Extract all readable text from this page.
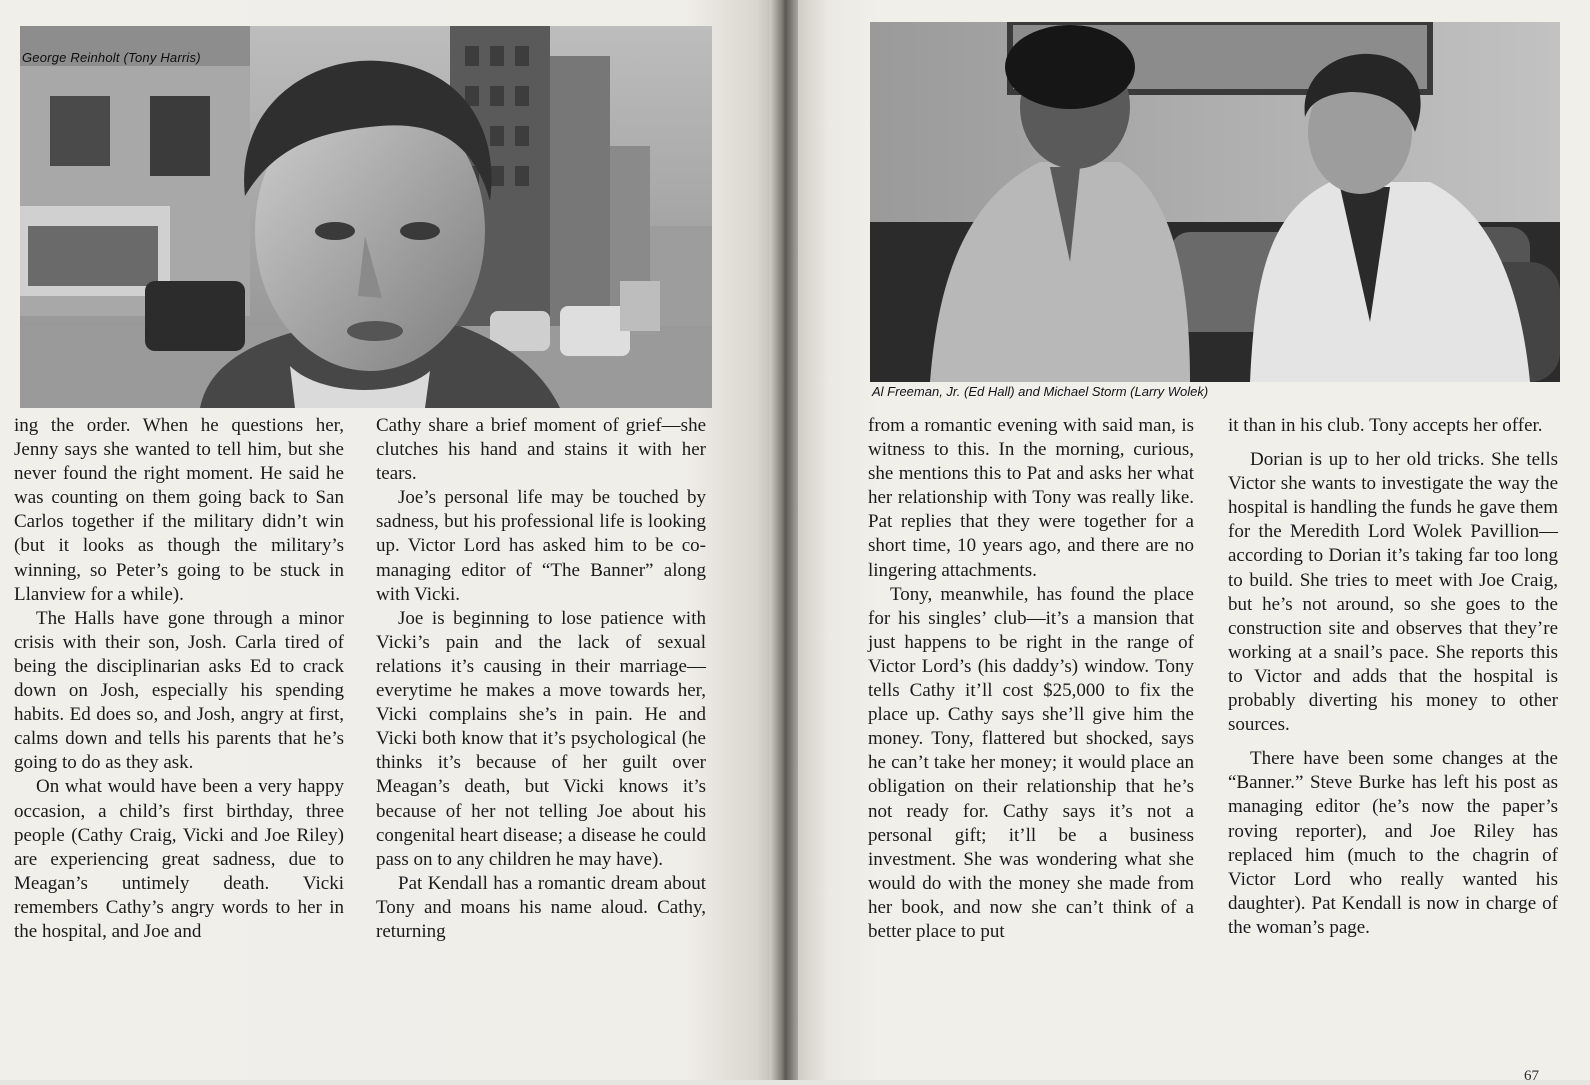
George Reinholt (Tony Harris)
Al Freeman, Jr. (Ed Hall) and Michael Storm (Larry Wolek)

ing the order. When he questions her, Jenny says she wanted to tell him, but she never found the right moment. He said he was counting on them going back to San Carlos together if the military didn’t win (but it looks as though the military’s winning, so Peter’s going to be stuck in Llanview for a while).

The Halls have gone through a minor crisis with their son, Josh. Carla tired of being the disciplinarian asks Ed to crack down on Josh, especially his spending habits. Ed does so, and Josh, angry at first, calms down and tells his parents that he’s going to do as they ask.

On what would have been a very happy occasion, a child’s first birthday, three people (Cathy Craig, Vicki and Joe Riley) are experiencing great sadness, due to Meagan’s untimely death. Vicki remembers Cathy’s angry words to her in the hospital, and Joe and

Cathy share a brief moment of grief—she clutches his hand and stains it with her tears.

Joe’s personal life may be touched by sadness, but his professional life is looking up. Victor Lord has asked him to be co-managing editor of “The Banner” along with Vicki.

Joe is beginning to lose patience with Vicki’s pain and the lack of sexual relations it’s causing in their marriage—everytime he makes a move towards her, Vicki complains she’s in pain. He and Vicki both know that it’s psychological (he thinks it’s because of her guilt over Meagan’s death, but Vicki knows it’s because of her not telling Joe about his congenital heart disease; a disease he could pass on to any children he may have).

Pat Kendall has a romantic dream about Tony and moans his name aloud. Cathy, returning

from a romantic evening with said man, is witness to this. In the morning, curious, she mentions this to Pat and asks her what her relationship with Tony was really like. Pat replies that they were together for a short time, 10 years ago, and there are no lingering attachments.

Tony, meanwhile, has found the place for his singles’ club—it’s a mansion that just happens to be right in the range of Victor Lord’s (his daddy’s) window. Tony tells Cathy it’ll cost $25,000 to fix the place up. Cathy says she’ll give him the money. Tony, flattered but shocked, says he can’t take her money; it would place an obligation on their relationship that he’s not ready for. Cathy says it’s not a personal gift; it’ll be a business investment. She was wondering what she would do with the money she made from her book, and now she can’t think of a better place to put

it than in his club. Tony accepts her offer.

Dorian is up to her old tricks. She tells Victor she wants to investigate the way the hospital is handling the funds he gave them for the Meredith Lord Wolek Pavillion—according to Dorian it’s taking far too long to build. She tries to meet with Joe Craig, but he’s not around, so she goes to the construction site and observes that they’re working at a snail’s pace. She reports this to Victor and adds that the hospital is probably diverting his money to other sources.

There have been some changes at the “Banner.” Steve Burke has left his post as managing editor (he’s now the paper’s roving reporter), and Joe Riley has replaced him (much to the chagrin of Victor Lord who really wanted his daughter). Pat Kendall is now in charge of the woman’s page.

67
